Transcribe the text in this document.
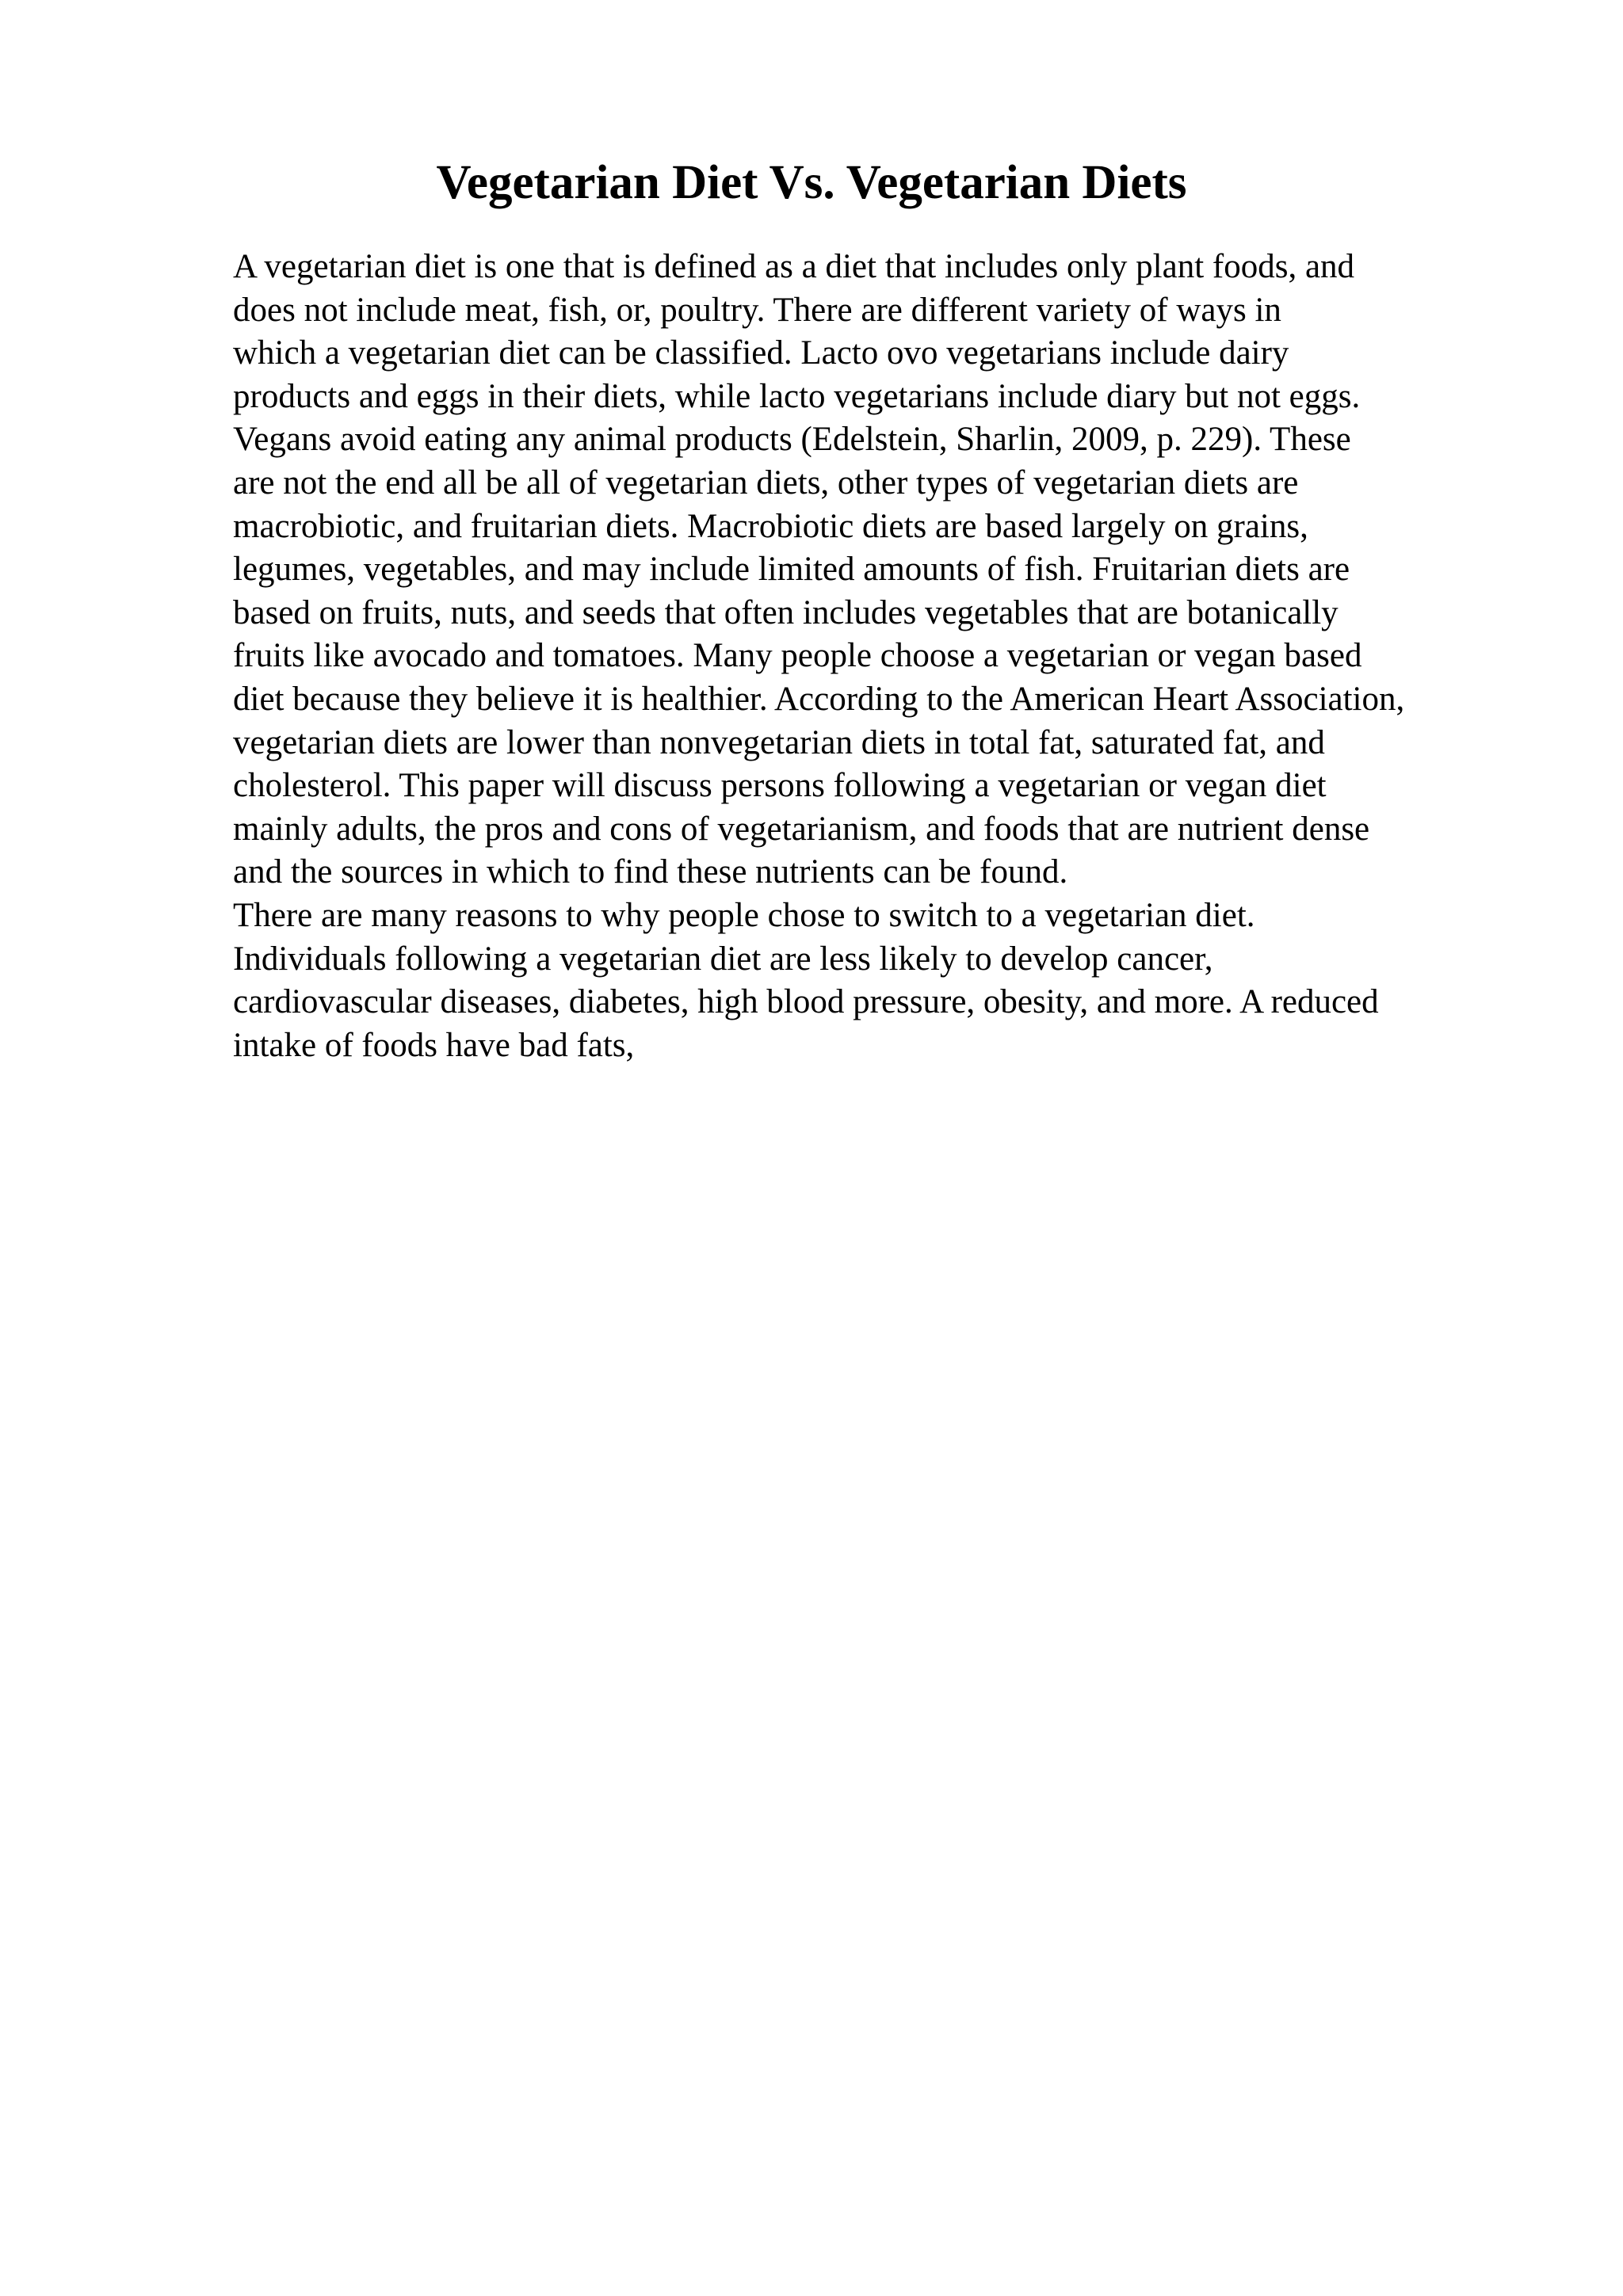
Vegetarian Diet Vs. Vegetarian Diets
A vegetarian diet is one that is defined as a diet that includes only plant foods, and
does not include meat, fish, or, poultry. There are different variety of ways in
which a vegetarian diet can be classified. Lacto ovo vegetarians include dairy
products and eggs in their diets, while lacto vegetarians include diary but not eggs.
Vegans avoid eating any animal products (Edelstein, Sharlin, 2009, p. 229). These
are not the end all be all of vegetarian diets, other types of vegetarian diets are
macrobiotic, and fruitarian diets. Macrobiotic diets are based largely on grains,
legumes, vegetables, and may include limited amounts of fish. Fruitarian diets are
based on fruits, nuts, and seeds that often includes vegetables that are botanically
fruits like avocado and tomatoes. Many people choose a vegetarian or vegan based
diet because they believe it is healthier. According to the American Heart Association,
vegetarian diets are lower than nonvegetarian diets in total fat, saturated fat, and
cholesterol. This paper will discuss persons following a vegetarian or vegan diet
mainly adults, the pros and cons of vegetarianism, and foods that are nutrient dense
and the sources in which to find these nutrients can be found.
There are many reasons to why people chose to switch to a vegetarian diet.
Individuals following a vegetarian diet are less likely to develop cancer,
cardiovascular diseases, diabetes, high blood pressure, obesity, and more. A reduced
intake of foods have bad fats,
